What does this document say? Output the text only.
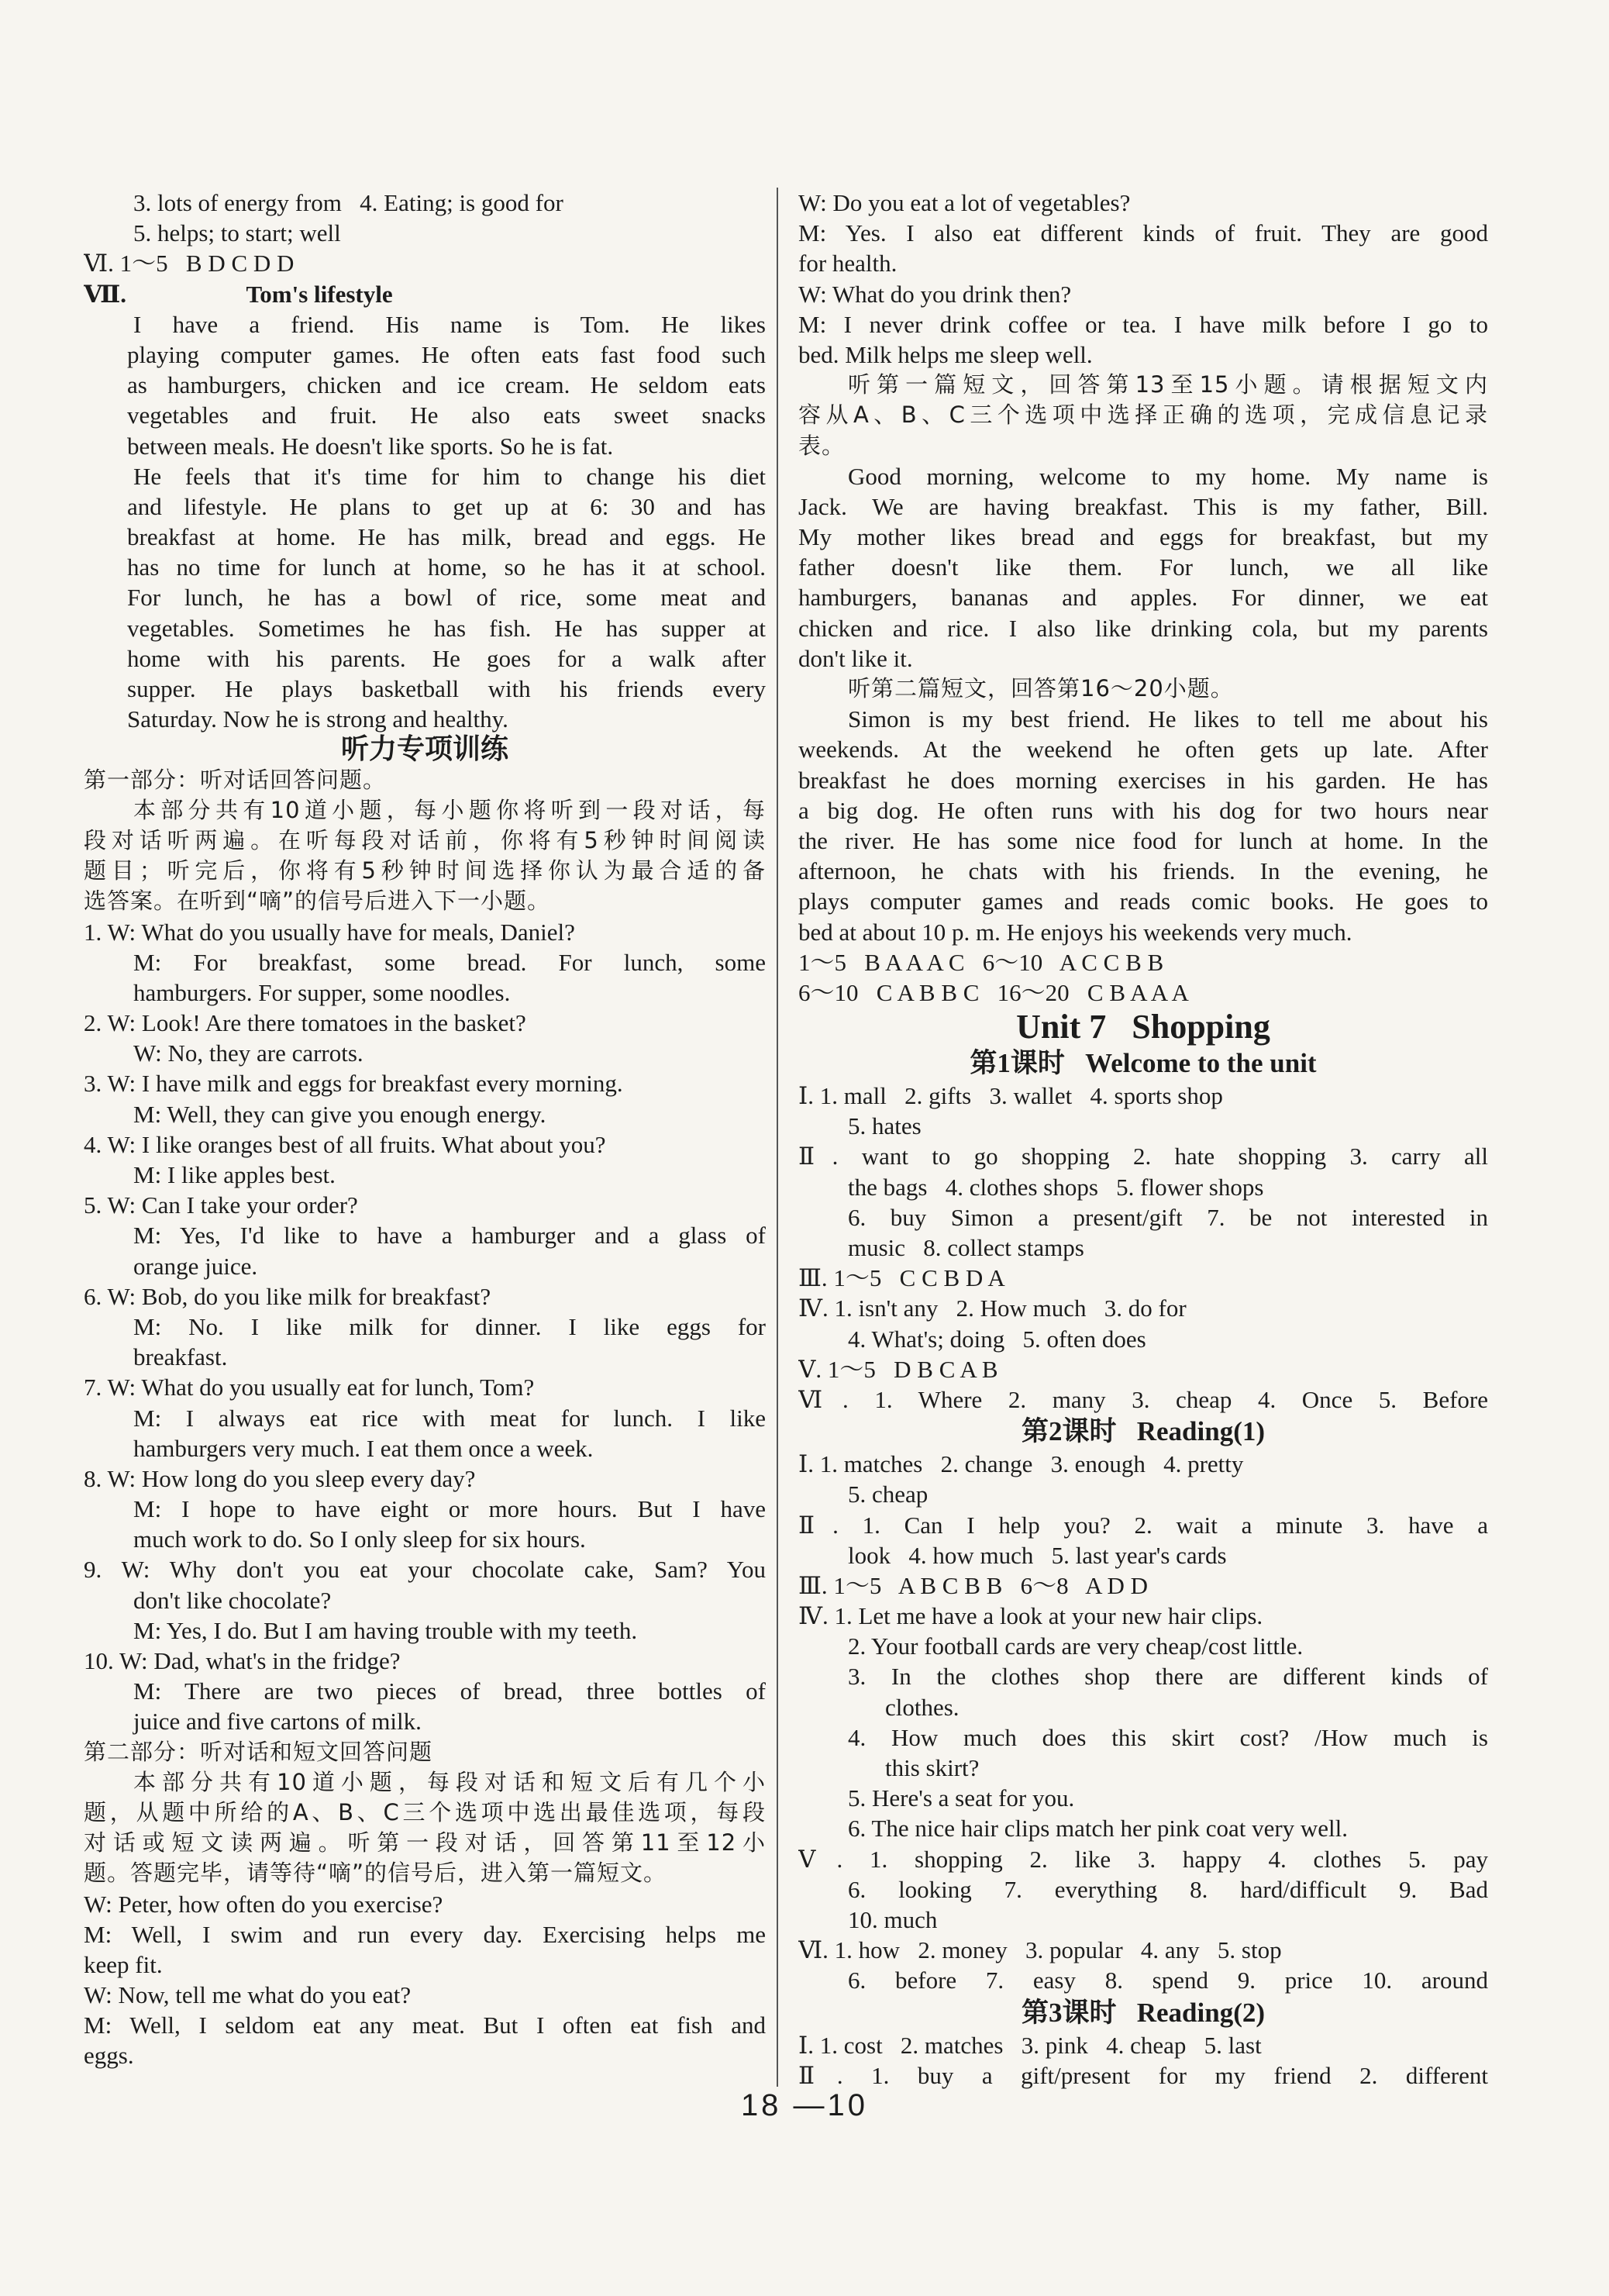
3. lots of energy from   4. Eating; is good for
5. helps; to start; well
Ⅵ. 1～5   B D C D D
Ⅶ.                    Tom's lifestyle
I have a friend. His name is Tom. He likes
playing computer games. He often eats fast food such
as hamburgers, chicken and ice cream. He seldom eats
vegetables and fruit. He also eats sweet snacks
between meals. He doesn't like sports. So he is fat.
He feels that it's time for him to change his diet
and lifestyle. He plans to get up at 6: 30 and has
breakfast at home. He has milk, bread and eggs. He
has no time for lunch at home, so he has it at school.
For lunch, he has a bowl of rice, some meat and
vegetables. Sometimes he has fish. He has supper at
home with his parents. He goes for a walk after
supper. He plays basketball with his friends every
Saturday. Now he is strong and healthy.
听力专项训练
第一部分：听对话回答问题。
本部分共有10道小题，每小题你将听到一段对话，每
段对话听两遍。在听每段对话前，你将有5秒钟时间阅读
题目；听完后，你将有5秒钟时间选择你认为最合适的备
选答案。在听到“嘀”的信号后进入下一小题。
1. W: What do you usually have for meals, Daniel?
M: For breakfast, some bread. For lunch, some
hamburgers. For supper, some noodles.
2. W: Look! Are there tomatoes in the basket?
W: No, they are carrots.
3. W: I have milk and eggs for breakfast every morning.
M: Well, they can give you enough energy.
4. W: I like oranges best of all fruits. What about you?
M: I like apples best.
5. W: Can I take your order?
M: Yes, I'd like to have a hamburger and a glass of
orange juice.
6. W: Bob, do you like milk for breakfast?
M: No. I like milk for dinner. I like eggs for
breakfast.
7. W: What do you usually eat for lunch, Tom?
M: I always eat rice with meat for lunch. I like
hamburgers very much. I eat them once a week.
8. W: How long do you sleep every day?
M: I hope to have eight or more hours. But I have
much work to do. So I only sleep for six hours.
9. W: Why don't you eat your chocolate cake, Sam? You
don't like chocolate?
M: Yes, I do. But I am having trouble with my teeth.
10. W: Dad, what's in the fridge?
M: There are two pieces of bread, three bottles of
juice and five cartons of milk.
第二部分：听对话和短文回答问题
本部分共有10道小题，每段对话和短文后有几个小
题，从题中所给的A、B、C三个选项中选出最佳选项，每段
对话或短文读两遍。听第一段对话，回答第11至12小
题。答题完毕，请等待“嘀”的信号后，进入第一篇短文。
W: Peter, how often do you exercise?
M: Well, I swim and run every day. Exercising helps me
keep fit.
W: Now, tell me what do you eat?
M: Well, I seldom eat any meat. But I often eat fish and
eggs.
W: Do you eat a lot of vegetables?
M: Yes. I also eat different kinds of fruit. They are good
for health.
W: What do you drink then?
M: I never drink coffee or tea. I have milk before I go to
bed. Milk helps me sleep well.
听第一篇短文，回答第13至15小题。请根据短文内
容从A、B、C三个选项中选择正确的选项，完成信息记录
表。
Good morning, welcome to my home. My name is
Jack. We are having breakfast. This is my father, Bill.
My mother likes bread and eggs for breakfast, but my
father doesn't like them. For lunch, we all like
hamburgers, bananas and apples. For dinner, we eat
chicken and rice. I also like drinking cola, but my parents
don't like it.
听第二篇短文，回答第16～20小题。
Simon is my best friend. He likes to tell me about his
weekends. At the weekend he often gets up late. After
breakfast he does morning exercises in his garden. He has
a big dog. He often runs with his dog for two hours near
the river. He has some nice food for lunch at home. In the
afternoon, he chats with his friends. In the evening, he
plays computer games and reads comic books. He goes to
bed at about 10 p. m. He enjoys his weekends very much.
1～5   B A A A C   6～10   A C C B B
6～10   C A B B C   16～20   C B A A A
Unit 7   Shopping
第1课时   Welcome to the unit
Ⅰ. 1. mall   2. gifts   3. wallet   4. sports shop
5. hates
Ⅱ. want to go shopping 2. hate shopping 3. carry all
the bags   4. clothes shops   5. flower shops
6. buy Simon a present/gift 7. be not interested in
music   8. collect stamps
Ⅲ. 1～5   C C B D A
Ⅳ. 1. isn't any   2. How much   3. do for
4. What's; doing   5. often does
Ⅴ. 1～5   D B C A B
Ⅵ. 1. Where 2. many 3. cheap 4. Once 5. Before
第2课时   Reading(1)
Ⅰ. 1. matches   2. change   3. enough   4. pretty
5. cheap
Ⅱ. 1. Can I help you? 2. wait a minute 3. have a
look   4. how much   5. last year's cards
Ⅲ. 1～5   A B C B B   6～8   A D D
Ⅳ. 1. Let me have a look at your new hair clips.
2. Your football cards are very cheap/cost little.
3. In the clothes shop there are different kinds of
clothes.
4. How much does this skirt cost? /How much is
this skirt?
5. Here's a seat for you.
6. The nice hair clips match her pink coat very well.
Ⅴ. 1. shopping 2. like 3. happy 4. clothes 5. pay
6. looking 7. everything 8. hard/difficult 9. Bad
10. much
Ⅵ. 1. how   2. money   3. popular   4. any   5. stop
6. before 7. easy 8. spend 9. price 10. around
第3课时   Reading(2)
Ⅰ. 1. cost   2. matches   3. pink   4. cheap   5. last
Ⅱ. 1. buy a gift/present for my friend 2. different
18 —10
